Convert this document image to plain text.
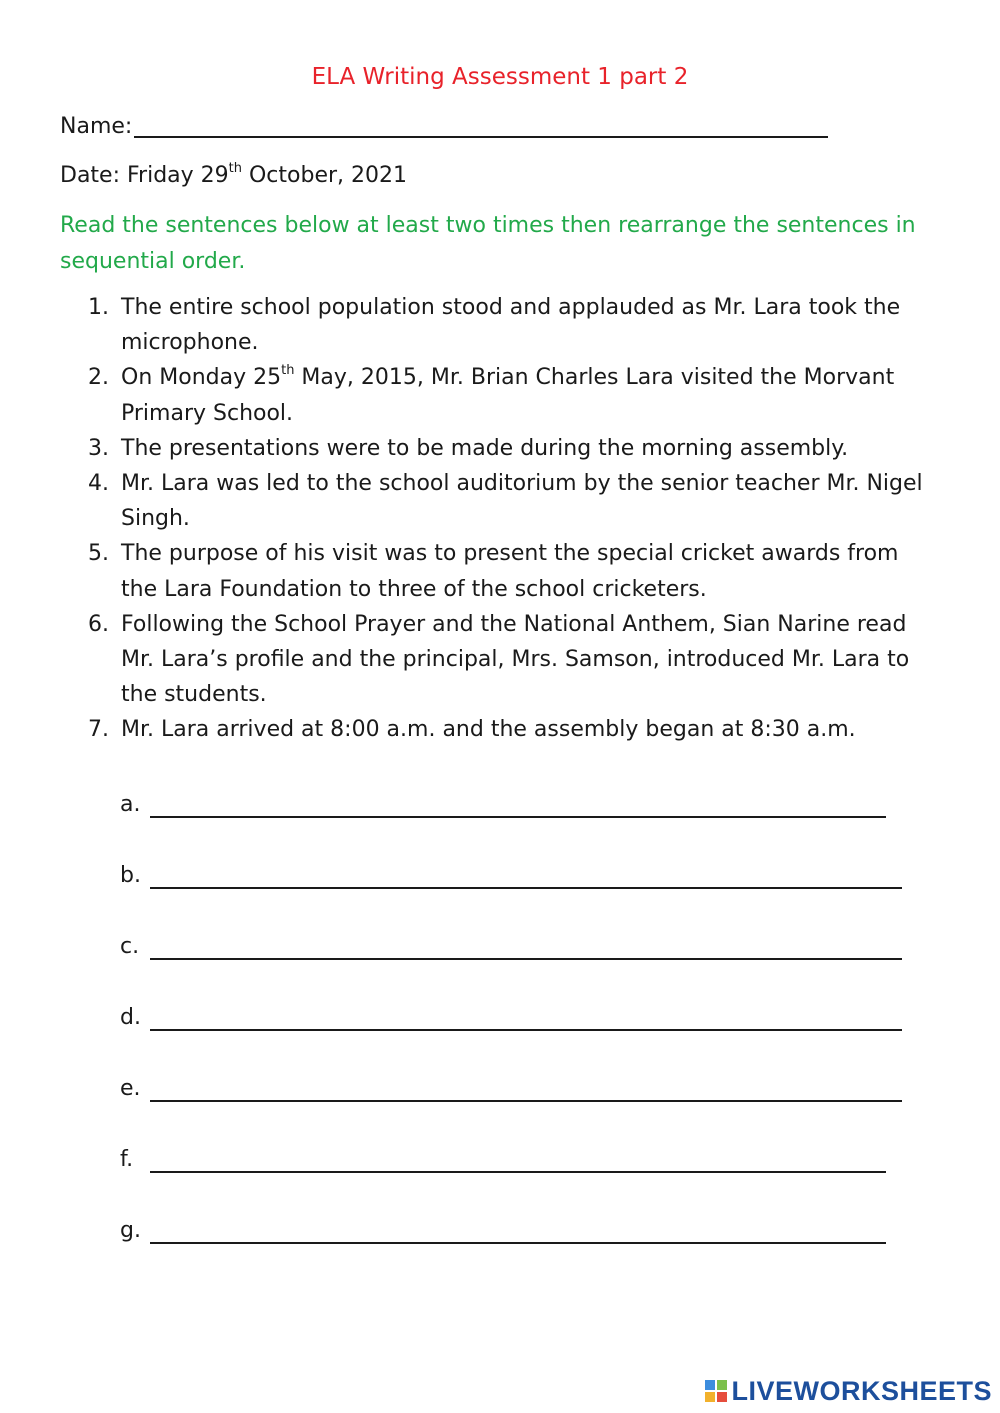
ELA Writing Assessment 1 part 2
Name:
Date: Friday 29th October, 2021
Read the sentences below at least two times then rearrange the sentences in sequential order.
1. The entire school population stood and applauded as Mr. Lara took the microphone.
2. On Monday 25th May, 2015, Mr. Brian Charles Lara visited the Morvant Primary School.
3. The presentations were to be made during the morning assembly.
4. Mr. Lara was led to the school auditorium by the senior teacher Mr. Nigel Singh.
5. The purpose of his visit was to present the special cricket awards from the Lara Foundation to three of the school cricketers.
6. Following the School Prayer and the National Anthem, Sian Narine read Mr. Lara’s profile and the principal, Mrs. Samson, introduced Mr. Lara to the students.
7. Mr. Lara arrived at 8:00 a.m. and the assembly began at 8:30 a.m.
a.
b.
c.
d.
e.
f.
g.
LIVEWORKSHEETS
